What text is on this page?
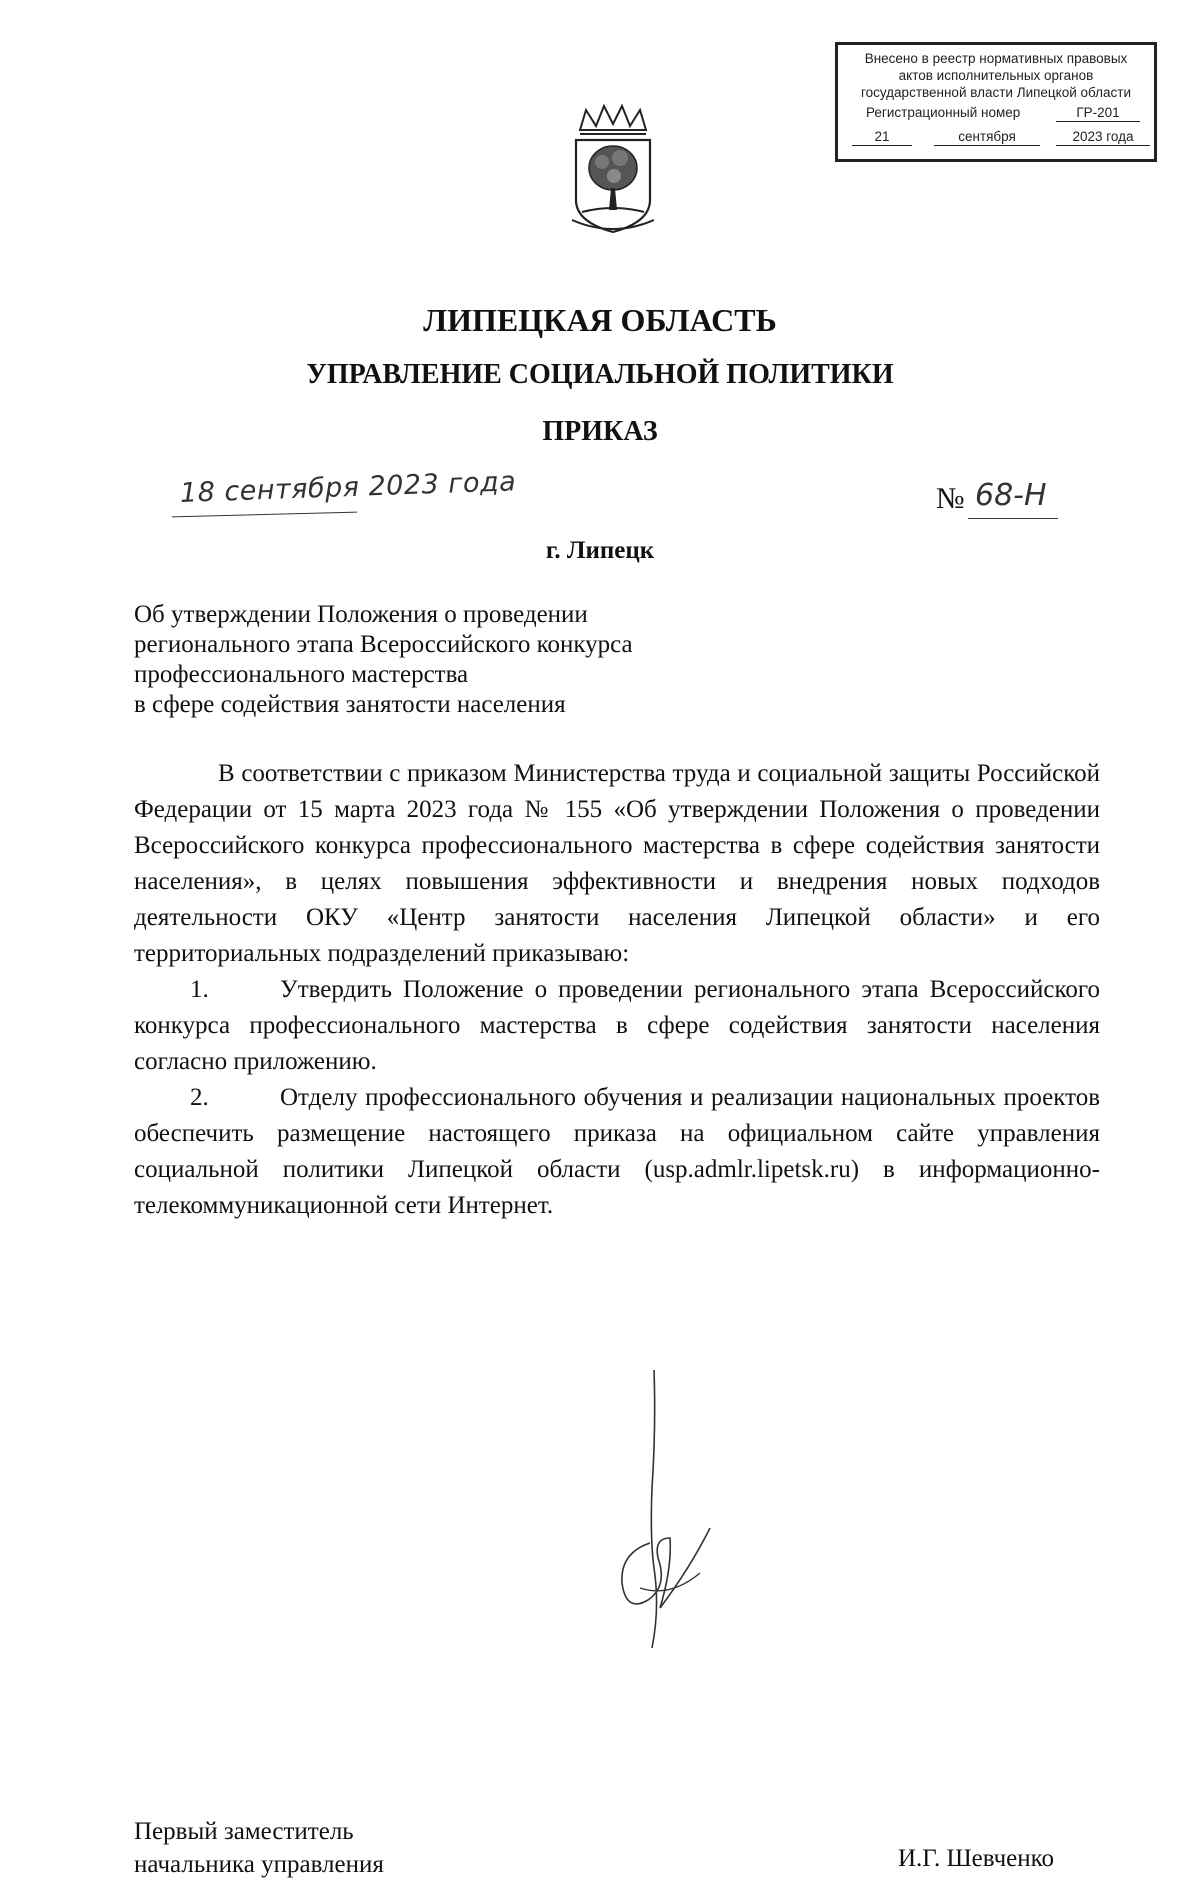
Внесено в реестр нормативных правовых
актов исполнительных органов
государственной власти Липецкой области
Регистрационный номер	ГР-201
21	сентября	2023 года
ЛИПЕЦКАЯ ОБЛАСТЬ
УПРАВЛЕНИЕ СОЦИАЛЬНОЙ ПОЛИТИКИ
ПРИКАЗ
18 сентября 2023 года	№ 68-Н
г. Липецк
Об утверждении Положения о проведении
регионального этапа Всероссийского конкурса
профессионального мастерства
в сфере содействия занятости населения

В соответствии с приказом Министерства труда и социальной защиты Российской Федерации от 15 марта 2023 года № 155 «Об утверждении Положения о проведении Всероссийского конкурса профессионального мастерства в сфере содействия занятости населения», в целях повышения эффективности и внедрения новых подходов деятельности ОКУ «Центр занятости населения Липецкой области» и его территориальных подразделений приказываю:

1.	Утвердить Положение о проведении регионального этапа Всероссийского конкурса профессионального мастерства в сфере содействия занятости населения согласно приложению.

2.	Отделу профессионального обучения и реализации национальных проектов обеспечить размещение настоящего приказа на официальном сайте управления социальной политики Липецкой области (usp.admlr.lipetsk.ru) в информационно-телекоммуникационной сети Интернет.

Первый заместитель
начальника управления	И.Г. Шевченко
